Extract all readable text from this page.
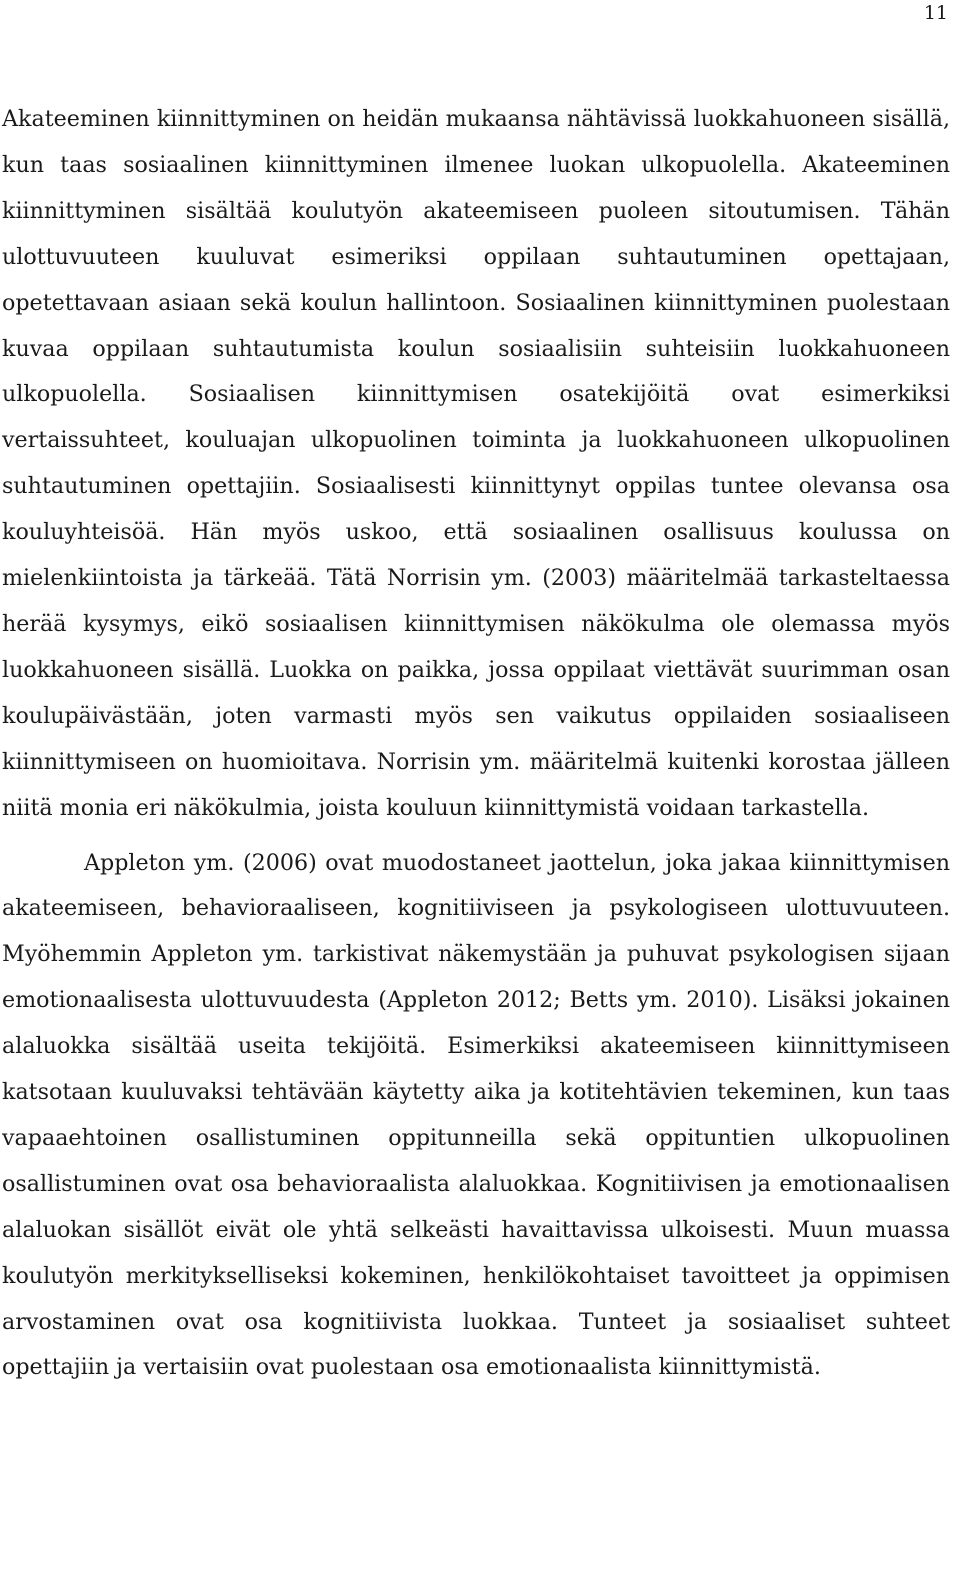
11

Akateeminen kiinnittyminen on heidän mukaansa nähtävissä luokkahuoneen sisällä, kun taas sosiaalinen kiinnittyminen ilmenee luokan ulkopuolella. Akateeminen kiinnittyminen sisältää koulutyön akateemiseen puoleen sitoutumisen. Tähän ulottuvuuteen kuuluvat esimeriksi oppilaan suhtautuminen opettajaan, opetettavaan asiaan sekä koulun hallintoon. Sosiaalinen kiinnittyminen puolestaan kuvaa oppilaan suhtautumista koulun sosiaalisiin suhteisiin luokkahuoneen ulkopuolella. Sosiaalisen kiinnittymisen osatekijöitä ovat esimerkiksi vertaissuhteet, kouluajan ulkopuolinen toiminta ja luokkahuoneen ulkopuolinen suhtautuminen opettajiin. Sosiaalisesti kiinnittynyt oppilas tuntee olevansa osa kouluyhteisöä. Hän myös uskoo, että sosiaalinen osallisuus koulussa on mielenkiintoista ja tärkeää. Tätä Norrisin ym. (2003) määritelmää tarkasteltaessa herää kysymys, eikö sosiaalisen kiinnittymisen näkökulma ole olemassa myös luokkahuoneen sisällä. Luokka on paikka, jossa oppilaat viettävät suurimman osan koulupäivästään, joten varmasti myös sen vaikutus oppilaiden sosiaaliseen kiinnittymiseen on huomioitava. Norrisin ym. määritelmä kuitenki korostaa jälleen niitä monia eri näkökulmia, joista kouluun kiinnittymistä voidaan tarkastella.

Appleton ym. (2006) ovat muodostaneet jaottelun, joka jakaa kiinnittymisen akateemiseen, behavioraaliseen, kognitiiviseen ja psykologiseen ulottuvuuteen. Myöhemmin Appleton ym. tarkistivat näkemystään ja puhuvat psykologisen sijaan emotionaalisesta ulottuvuudesta (Appleton 2012; Betts ym. 2010). Lisäksi jokainen alaluokka sisältää useita tekijöitä. Esimerkiksi akateemiseen kiinnittymiseen katsotaan kuuluvaksi tehtävään käytetty aika ja kotitehtävien tekeminen, kun taas vapaaehtoinen osallistuminen oppitunneilla sekä oppituntien ulkopuolinen osallistuminen ovat osa behavioraalista alaluokkaa. Kognitiivisen ja emotionaalisen alaluokan sisällöt eivät ole yhtä selkeästi havaittavissa ulkoisesti. Muun muassa koulutyön merkitykselliseksi kokeminen, henkilökohtaiset tavoitteet ja oppimisen arvostaminen ovat osa kognitiivista luokkaa. Tunteet ja sosiaaliset suhteet opettajiin ja vertaisiin ovat puolestaan osa emotionaalista kiinnittymistä.
